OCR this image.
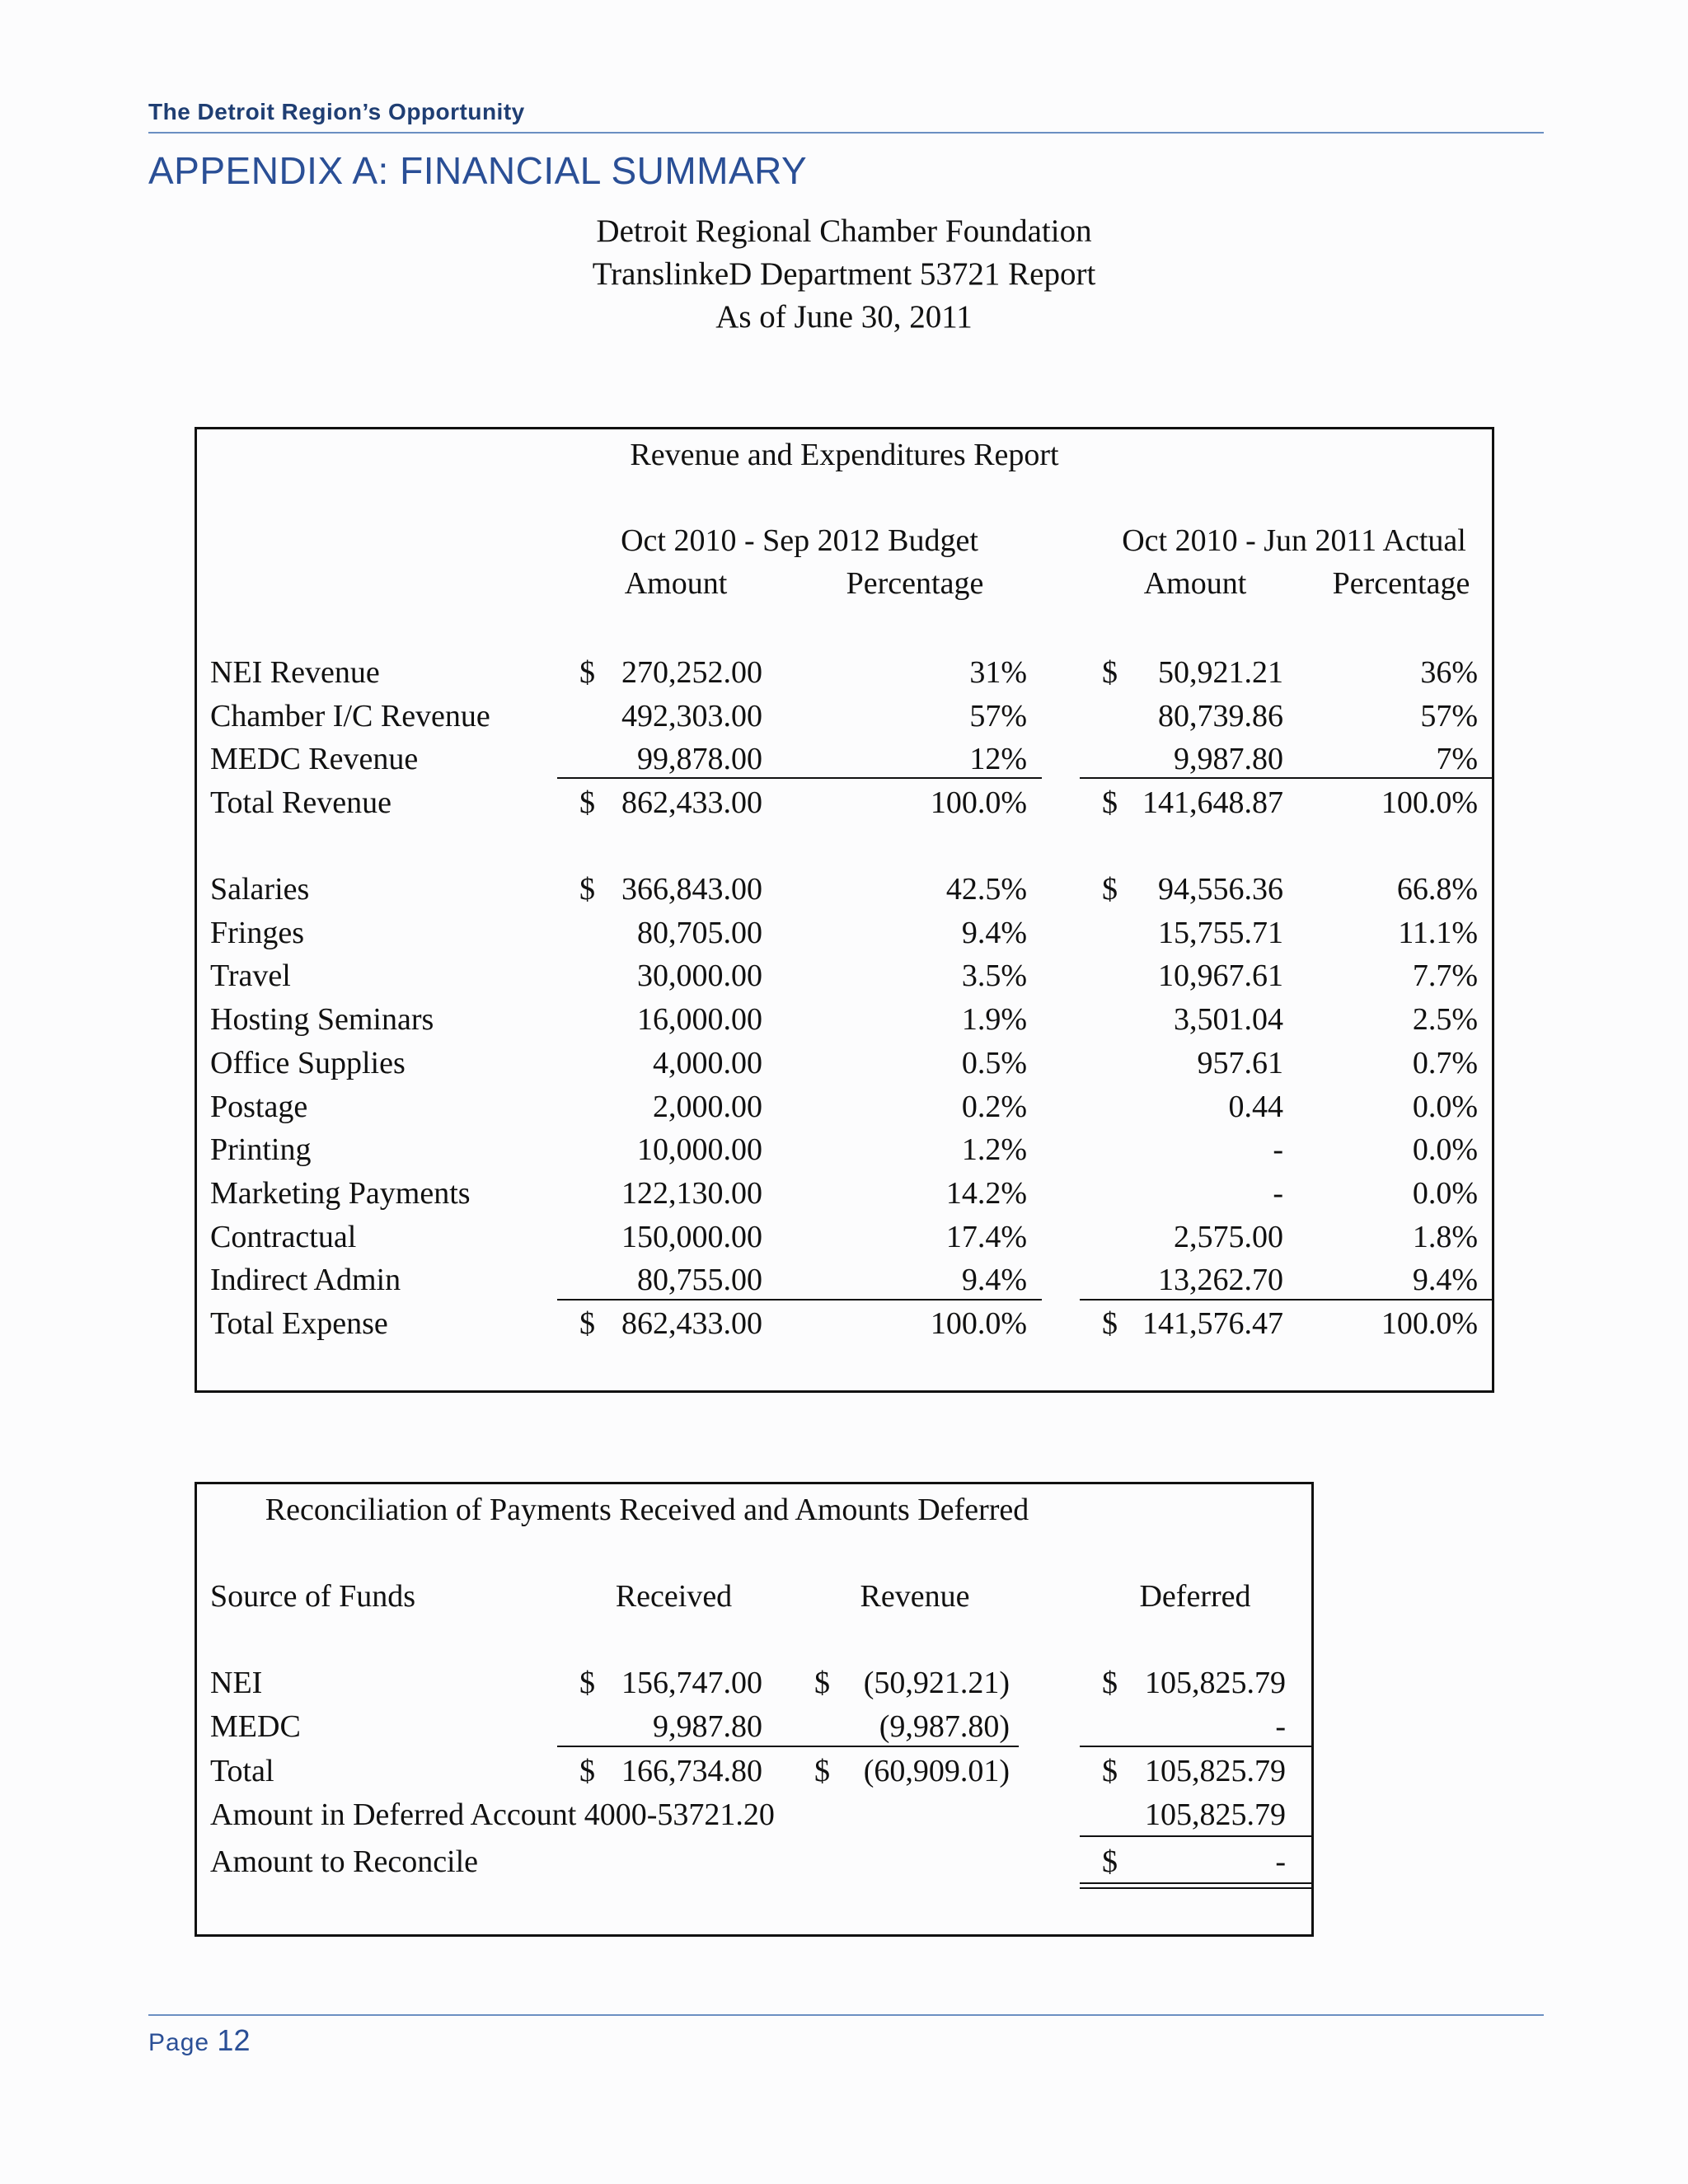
The Detroit Region’s Opportunity
APPENDIX A: FINANCIAL SUMMARY
Detroit Regional Chamber Foundation
TranslinkeD Department 53721 Report
As of June 30, 2011
Revenue and Expenditures Report
Oct 2010 - Sep 2012 Budget	Oct 2010 - Jun 2011 Actual
Amount	Percentage	Amount	Percentage
NEI Revenue	$ 270,252.00	31% $	50,921.21	36%
Chamber I/C Revenue	492,303.00	57%	80,739.86	57%
MEDC Revenue	99,878.00	12%	9,987.80	7%
Total Revenue	$ 862,433.00	100.0% $ 141,648.87	100.0%
Salaries	$ 366,843.00	42.5% $	94,556.36	66.8%
Fringes	80,705.00	9.4%	15,755.71	11.1%
Travel	30,000.00	3.5%	10,967.61	7.7%
Hosting Seminars	16,000.00	1.9%	3,501.04	2.5%
Office Supplies	4,000.00	0.5%	957.61	0.7%
Postage	2,000.00	0.2%	0.44	0.0%
Printing	10,000.00	1.2%	-	0.0%
Marketing Payments	122,130.00	14.2%	-	0.0%
Contractual	150,000.00	17.4%	2,575.00	1.8%
Indirect Admin	80,755.00	9.4%	13,262.70	9.4%
Total Expense	$ 862,433.00	100.0% $ 141,576.47	100.0%
Reconciliation of Payments Received and Amounts Deferred
Source of Funds	Received	Revenue	Deferred
NEI	$ 156,747.00 $	(50,921.21)	$ 105,825.79
MEDC	9,987.80	(9,987.80)	-
Total	$ 166,734.80 $	(60,909.01)	$ 105,825.79
Amount in Deferred Account 4000-53721.20	105,825.79
Amount to Reconcile	$	-
Page 12
